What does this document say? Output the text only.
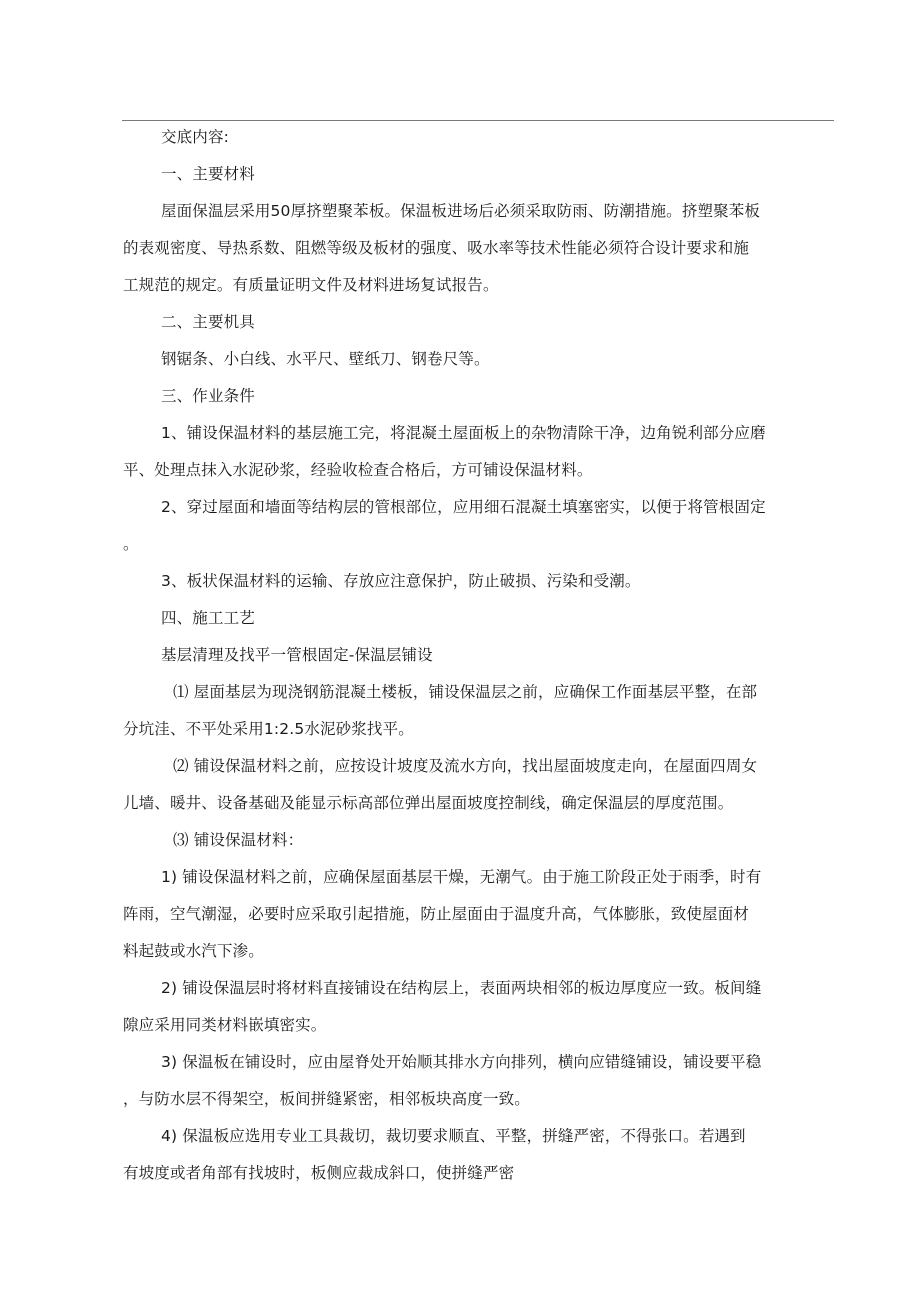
交底内容:
一、主要材料
屋面保温层采用50厚挤塑聚苯板。保温板进场后必须采取防雨、防潮措施。挤塑聚苯板
的表观密度、导热系数、阻燃等级及板材的强度、吸水率等技术性能必须符合设计要求和施
工规范的规定。有质量证明文件及材料进场复试报告。
二、主要机具
钢锯条、小白线、水平尺、壁纸刀、钢卷尺等。
三、作业条件
1、铺设保温材料的基层施工完，将混凝土屋面板上的杂物清除干净，边角锐利部分应磨
平、处理点抹入水泥砂浆，经验收检查合格后，方可铺设保温材料。
2、穿过屋面和墙面等结构层的管根部位，应用细石混凝土填塞密实，以便于将管根固定
。
3、板状保温材料的运输、存放应注意保护，防止破损、污染和受潮。
四、施工工艺
基层清理及找平一管根固定-保温层铺设
⑴ 屋面基层为现浇钢筋混凝土楼板，铺设保温层之前，应确保工作面基层平整，在部
分坑洼、不平处采用1:2.5水泥砂浆找平。
⑵ 铺设保温材料之前，应按设计坡度及流水方向，找出屋面坡度走向，在屋面四周女
儿墙、暖井、设备基础及能显示标高部位弹出屋面坡度控制线，确定保温层的厚度范围。
⑶ 铺设保温材料：
1) 铺设保温材料之前，应确保屋面基层干燥，无潮气。由于施工阶段正处于雨季，时有
阵雨，空气潮湿，必要时应采取引起措施，防止屋面由于温度升高，气体膨胀，致使屋面材
料起鼓或水汽下渗。
2) 铺设保温层时将材料直接铺设在结构层上，表面两块相邻的板边厚度应一致。板间缝
隙应采用同类材料嵌填密实。
3) 保温板在铺设时，应由屋脊处开始顺其排水方向排列，横向应错缝铺设，铺设要平稳
，与防水层不得架空，板间拼缝紧密，相邻板块高度一致。
4) 保温板应选用专业工具裁切，裁切要求顺直、平整，拼缝严密，不得张口。若遇到
有坡度或者角部有找坡时，板侧应裁成斜口，使拼缝严密
